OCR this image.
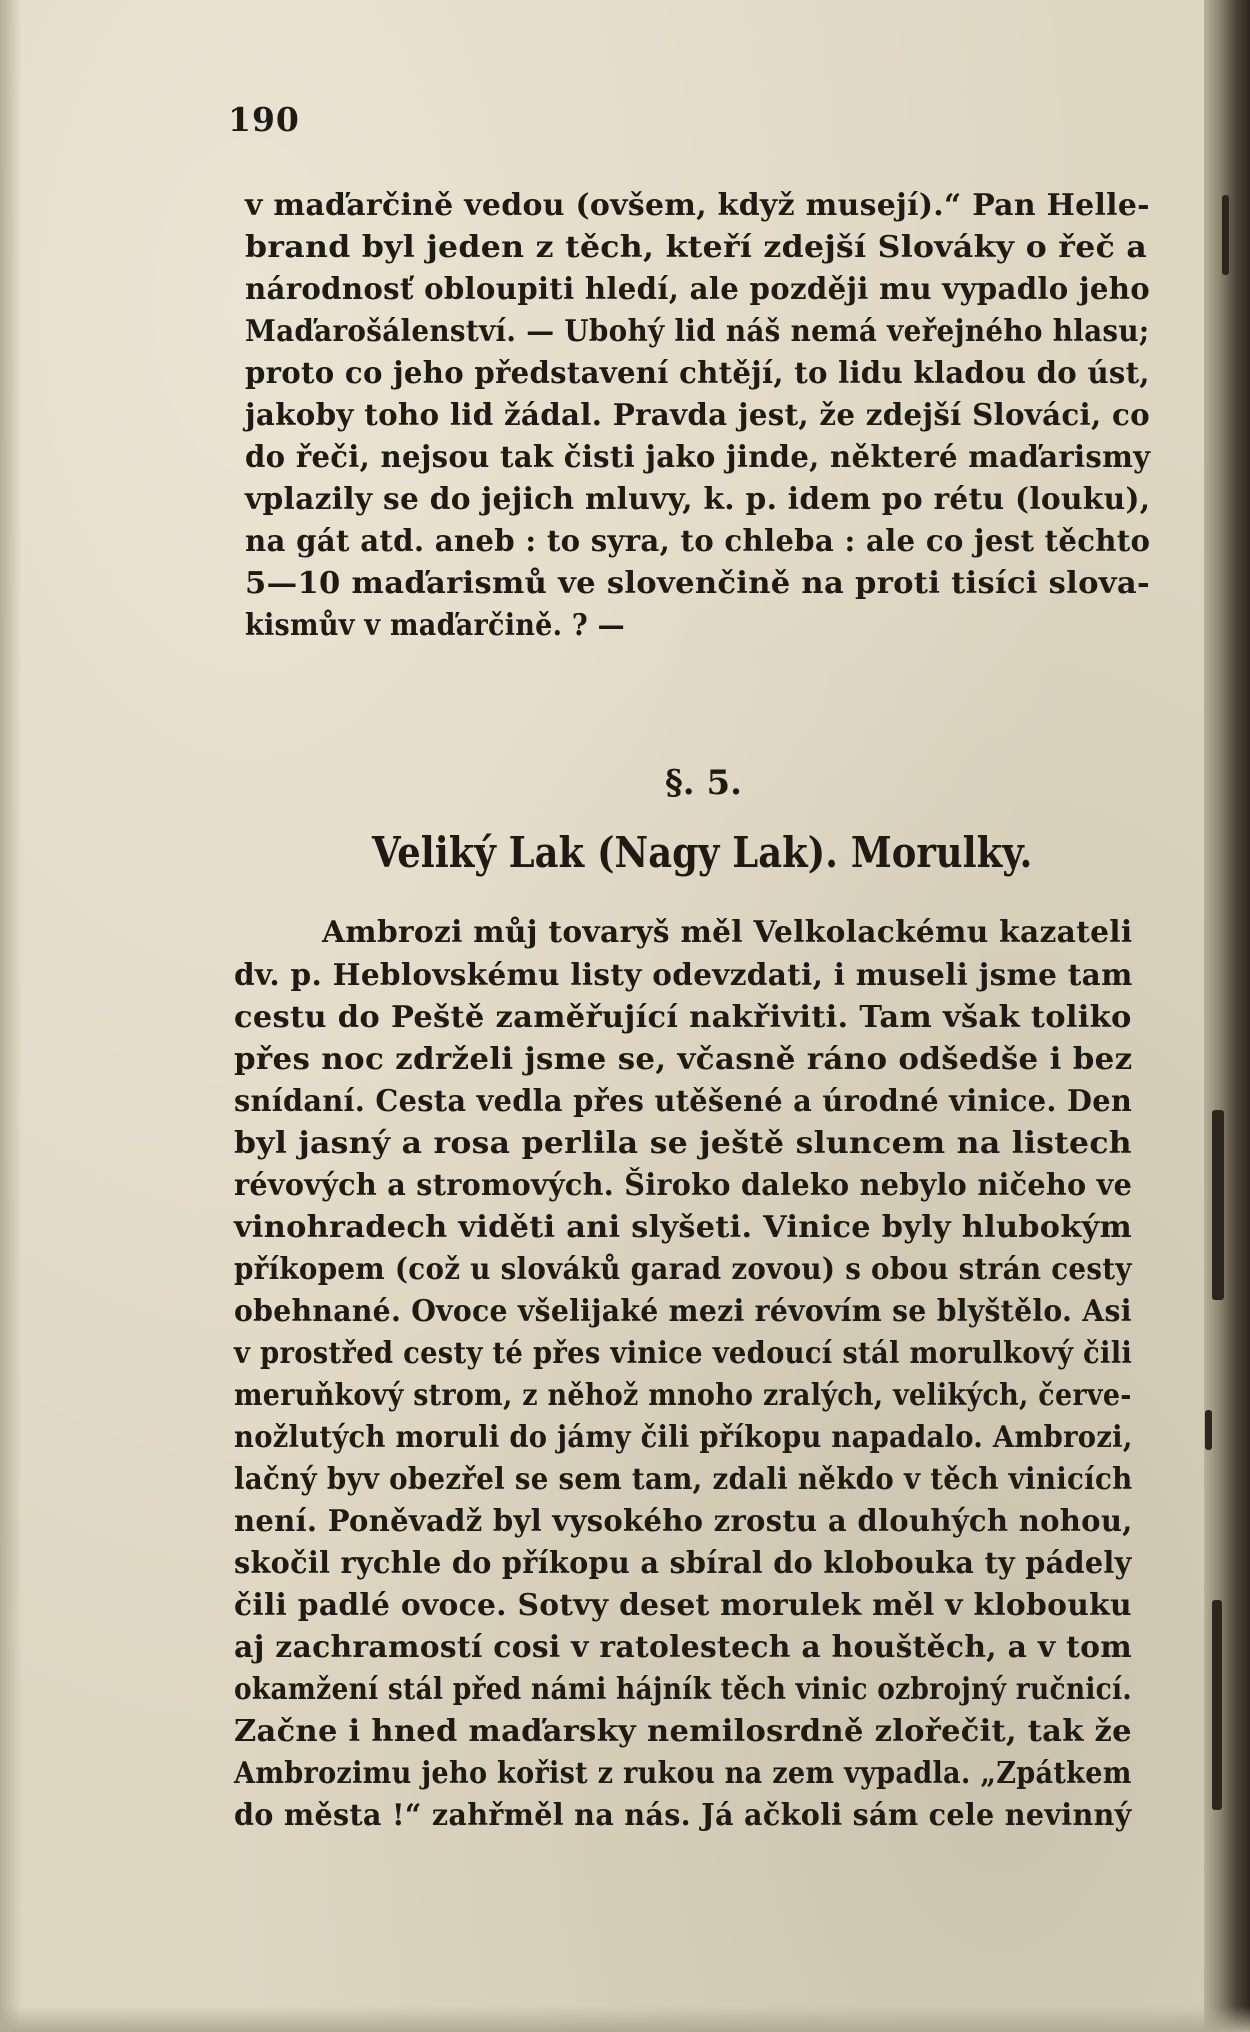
190
v maďarčině vedou (ovšem, když musejí).“ Pan Helle-
brand byl jeden z těch, kteří zdejší Slováky o řeč a
národnosť obloupiti hledí, ale později mu vypadlo jeho
Maďarošálenství. — Ubohý lid náš nemá veřejného hlasu;
proto co jeho představení chtějí, to lidu kladou do úst,
jakoby toho lid žádal. Pravda jest, že zdejší Slováci, co
do řeči, nejsou tak čisti jako jinde, některé maďarismy
vplazily se do jejich mluvy, k. p. idem po rétu (louku),
na gát atd. aneb : to syra, to chleba : ale co jest těchto
5—10 maďarismů ve slovenčině na proti tisíci slova-
kismův v maďarčině. ? —
§. 5.
Veliký Lak (Nagy Lak). Morulky.
Ambrozi můj tovaryš měl Velkolackému kazateli
dv. p. Heblovskému listy odevzdati, i museli jsme tam
cestu do Peště zaměřující nakřiviti. Tam však toliko
přes noc zdrželi jsme se, včasně ráno odšedše i bez
snídaní. Cesta vedla přes utěšené a úrodné vinice. Den
byl jasný a rosa perlila se ještě sluncem na listech
révových a stromových. Široko daleko nebylo ničeho ve
vinohradech viděti ani slyšeti. Vinice byly hlubokým
příkopem (což u slováků garad zovou) s obou strán cesty
obehnané. Ovoce všelijaké mezi révovím se blyštělo. Asi
v prostřed cesty té přes vinice vedoucí stál morulkový čili
meruňkový strom, z něhož mnoho zralých, velikých, červe-
nožlutých moruli do jámy čili příkopu napadalo. Ambrozi,
lačný byv obezřel se sem tam, zdali někdo v těch vinicích
není. Poněvadž byl vysokého zrostu a dlouhých nohou,
skočil rychle do příkopu a sbíral do klobouka ty pádely
čili padlé ovoce. Sotvy deset morulek měl v klobouku
aj zachramostí cosi v ratolestech a houštěch, a v tom
okamžení stál před námi hájník těch vinic ozbrojný ručnicí.
Začne i hned maďarsky nemilosrdně zlořečit, tak že
Ambrozimu jeho kořist z rukou na zem vypadla. „Zpátkem
do města !“ zahřměl na nás. Já ačkoli sám cele nevinný
